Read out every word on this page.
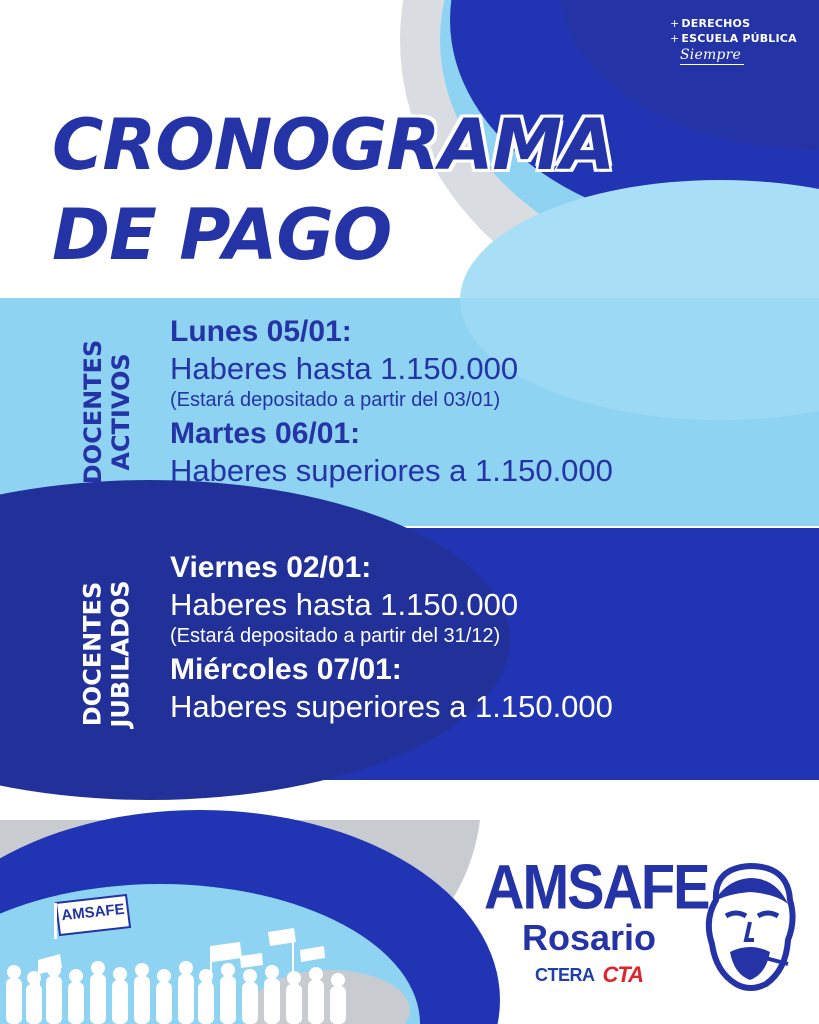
+ DERECHOS
+ ESCUELA PÚBLICA
Siempre
CRONOGRAMA
DE PAGO
DOCENTES ACTIVOS
Lunes 05/01:
Haberes hasta 1.150.000
(Estará depositado a partir del 03/01)
Martes 06/01:
Haberes superiores a 1.150.000
DOCENTES JUBILADOS
Viernes 02/01:
Haberes hasta 1.150.000
(Estará depositado a partir del 31/12)
Miércoles 07/01:
Haberes superiores a 1.150.000
AMSAFE	AMSAFE
Rosario
CTERA CTA
